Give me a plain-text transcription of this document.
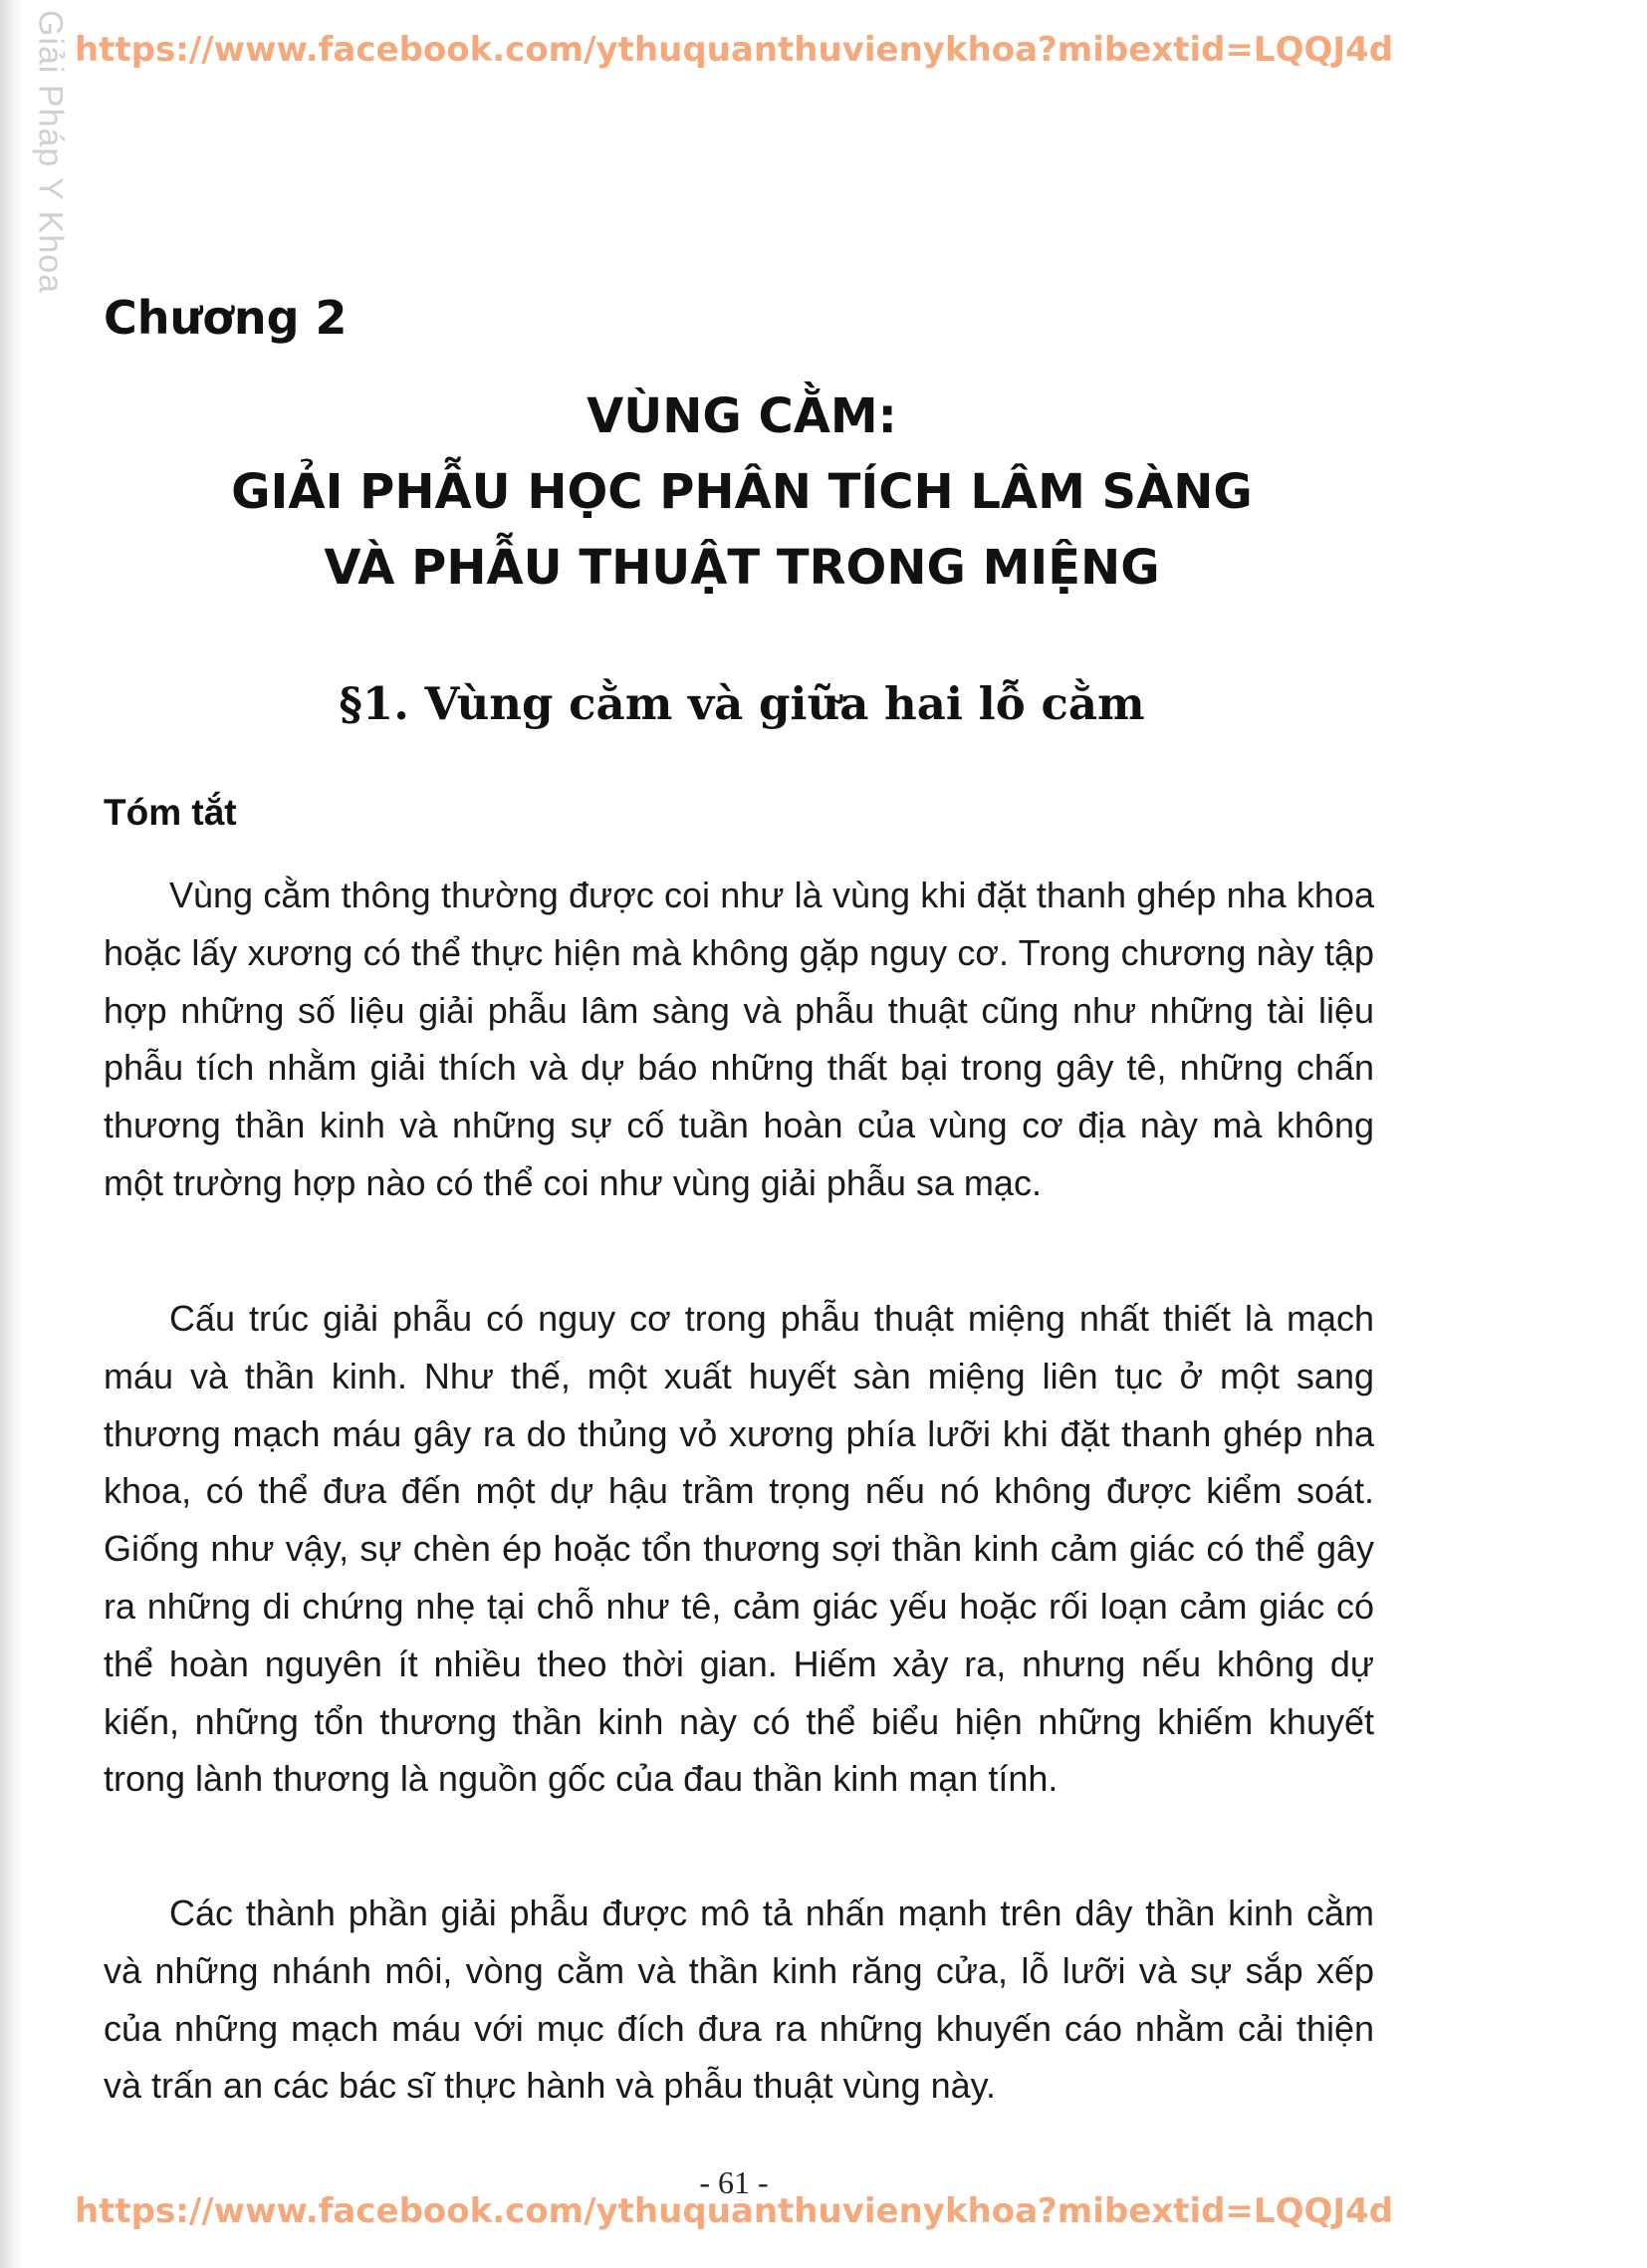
Giải Pháp Y Khoa https://www.facebook.com/ythuquanthuvienykhoa?mibextid=LQQJ4d
Chương 2
VÙNG CẰM:
GIẢI PHẪU HỌC PHÂN TÍCH LÂM SÀNG
VÀ PHẪU THUẬT TRONG MIỆNG
§1. Vùng cằm và giữa hai lỗ cằm
Tóm tắt

Vùng cằm thông thường được coi như là vùng khi đặt thanh ghép nha khoa hoặc lấy xương có thể thực hiện mà không gặp nguy cơ. Trong chương này tập hợp những số liệu giải phẫu lâm sàng và phẫu thuật cũng như những tài liệu phẫu tích nhằm giải thích và dự báo những thất bại trong gây tê, những chấn thương thần kinh và những sự cố tuần hoàn của vùng cơ địa này mà không một trường hợp nào có thể coi như vùng giải phẫu sa mạc.

Cấu trúc giải phẫu có nguy cơ trong phẫu thuật miệng nhất thiết là mạch máu và thần kinh. Như thế, một xuất huyết sàn miệng liên tục ở một sang thương mạch máu gây ra do thủng vỏ xương phía lưỡi khi đặt thanh ghép nha khoa, có thể đưa đến một dự hậu trầm trọng nếu nó không được kiểm soát. Giống như vậy, sự chèn ép hoặc tổn thương sợi thần kinh cảm giác có thể gây ra những di chứng nhẹ tại chỗ như tê, cảm giác yếu hoặc rối loạn cảm giác có thể hoàn nguyên ít nhiều theo thời gian. Hiếm xảy ra, nhưng nếu không dự kiến, những tổn thương thần kinh này có thể biểu hiện những khiếm khuyết trong lành thương là nguồn gốc của đau thần kinh mạn tính.

Các thành phần giải phẫu được mô tả nhấn mạnh trên dây thần kinh cằm và những nhánh môi, vòng cằm và thần kinh răng cửa, lỗ lưỡi và sự sắp xếp của những mạch máu với mục đích đưa ra những khuyến cáo nhằm cải thiện và trấn an các bác sĩ thực hành và phẫu thuật vùng này.

- 61 -
https://www.facebook.com/ythuquanthuvienykhoa?mibextid=LQQJ4d
